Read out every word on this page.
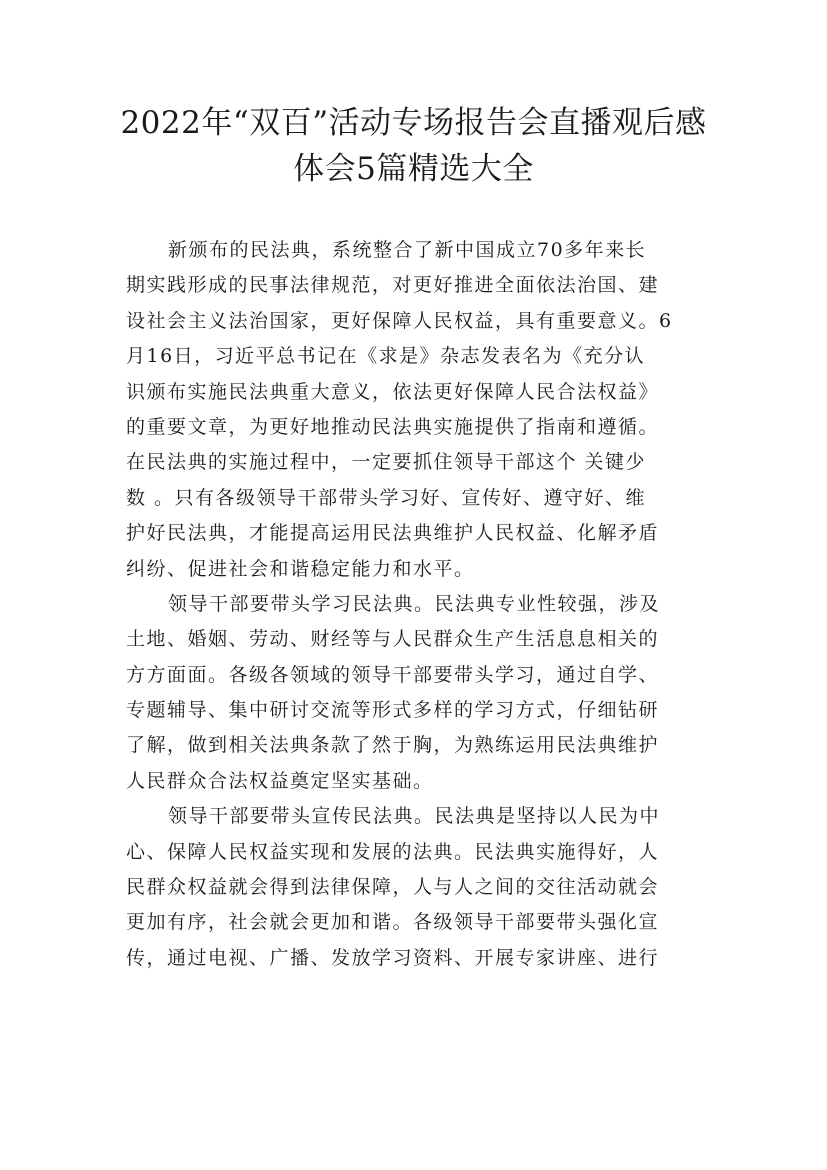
2022年“双百”活动专场报告会直播观后感
体会5篇精选大全
新颁布的民法典，系统整合了新中国成立70多年来长
期实践形成的民事法律规范，对更好推进全面依法治国、建
设社会主义法治国家，更好保障人民权益，具有重要意义。6
月16日，习近平总书记在《求是》杂志发表名为《充分认
识颁布实施民法典重大意义，依法更好保障人民合法权益》
的重要文章，为更好地推动民法典实施提供了指南和遵循。
在民法典的实施过程中，一定要抓住领导干部这个 关键少
数 。只有各级领导干部带头学习好、宣传好、遵守好、维
护好民法典，才能提高运用民法典维护人民权益、化解矛盾
纠纷、促进社会和谐稳定能力和水平。
领导干部要带头学习民法典。民法典专业性较强，涉及
土地、婚姻、劳动、财经等与人民群众生产生活息息相关的
方方面面。各级各领域的领导干部要带头学习，通过自学、
专题辅导、集中研讨交流等形式多样的学习方式，仔细钻研
了解，做到相关法典条款了然于胸，为熟练运用民法典维护
人民群众合法权益奠定坚实基础。
领导干部要带头宣传民法典。民法典是坚持以人民为中
心、保障人民权益实现和发展的法典。民法典实施得好，人
民群众权益就会得到法律保障，人与人之间的交往活动就会
更加有序，社会就会更加和谐。各级领导干部要带头强化宣
传，通过电视、广播、发放学习资料、开展专家讲座、进行
